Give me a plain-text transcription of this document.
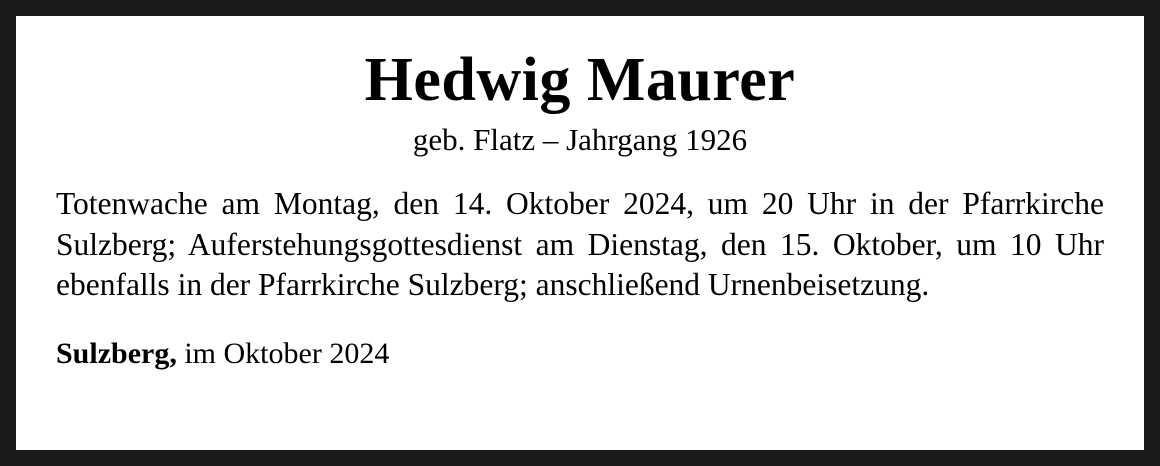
Hedwig Maurer
geb. Flatz – Jahrgang 1926
Totenwache am Montag, den 14. Oktober 2024, um 20 Uhr in der Pfarrkirche Sulzberg; Auferstehungsgottesdienst am Dienstag, den 15. Oktober, um 10 Uhr ebenfalls in der Pfarrkirche Sulzberg; anschließend Urnenbeisetzung.
Sulzberg, im Oktober 2024
